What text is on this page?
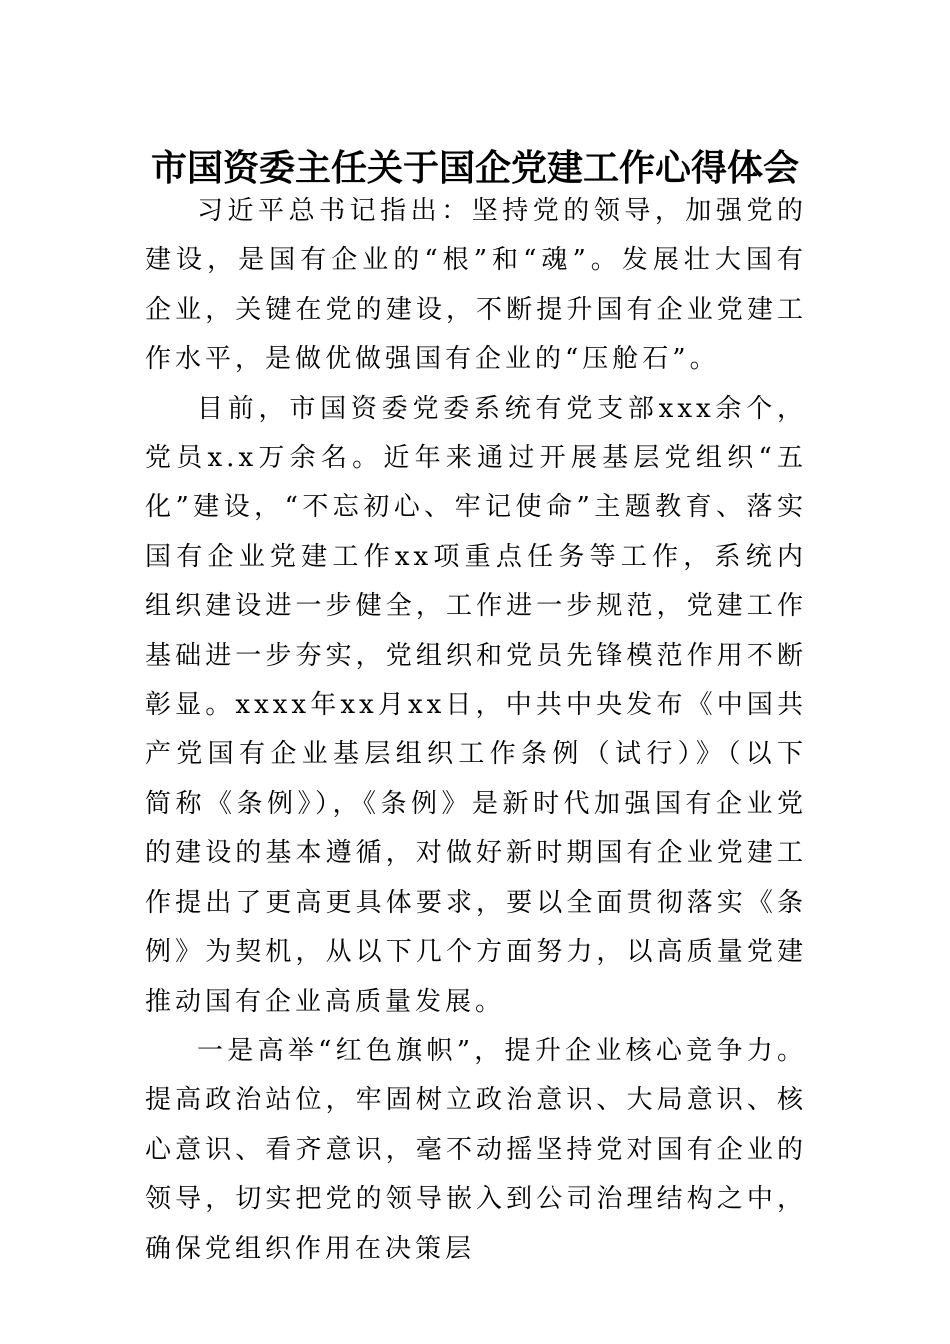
市国资委主任关于国企党建工作心得体会

习近平总书记指出：坚持党的领导，加强党的建设，是国有企业的“根”和“魂”。发展壮大国有企业，关键在党的建设，不断提升国有企业党建工作水平，是做优做强国有企业的“压舱石”。

目前，市国资委党委系统有党支部xxx余个，党员x.x万余名。近年来通过开展基层党组织“五化”建设，“不忘初心、牢记使命”主题教育、落实国有企业党建工作xx项重点任务等工作，系统内组织建设进一步健全，工作进一步规范，党建工作基础进一步夯实，党组织和党员先锋模范作用不断彰显。xxxx年xx月xx日，中共中央发布《中国共产党国有企业基层组织工作条例（试行）》（以下简称《条例》），《条例》是新时代加强国有企业党的建设的基本遵循，对做好新时期国有企业党建工作提出了更高更具体要求，要以全面贯彻落实《条例》为契机，从以下几个方面努力，以高质量党建推动国有企业高质量发展。

一是高举“红色旗帜”，提升企业核心竞争力。提高政治站位，牢固树立政治意识、大局意识、核心意识、看齐意识，毫不动摇坚持党对国有企业的领导，切实把党的领导嵌入到公司治理结构之中，确保党组织作用在决策层
